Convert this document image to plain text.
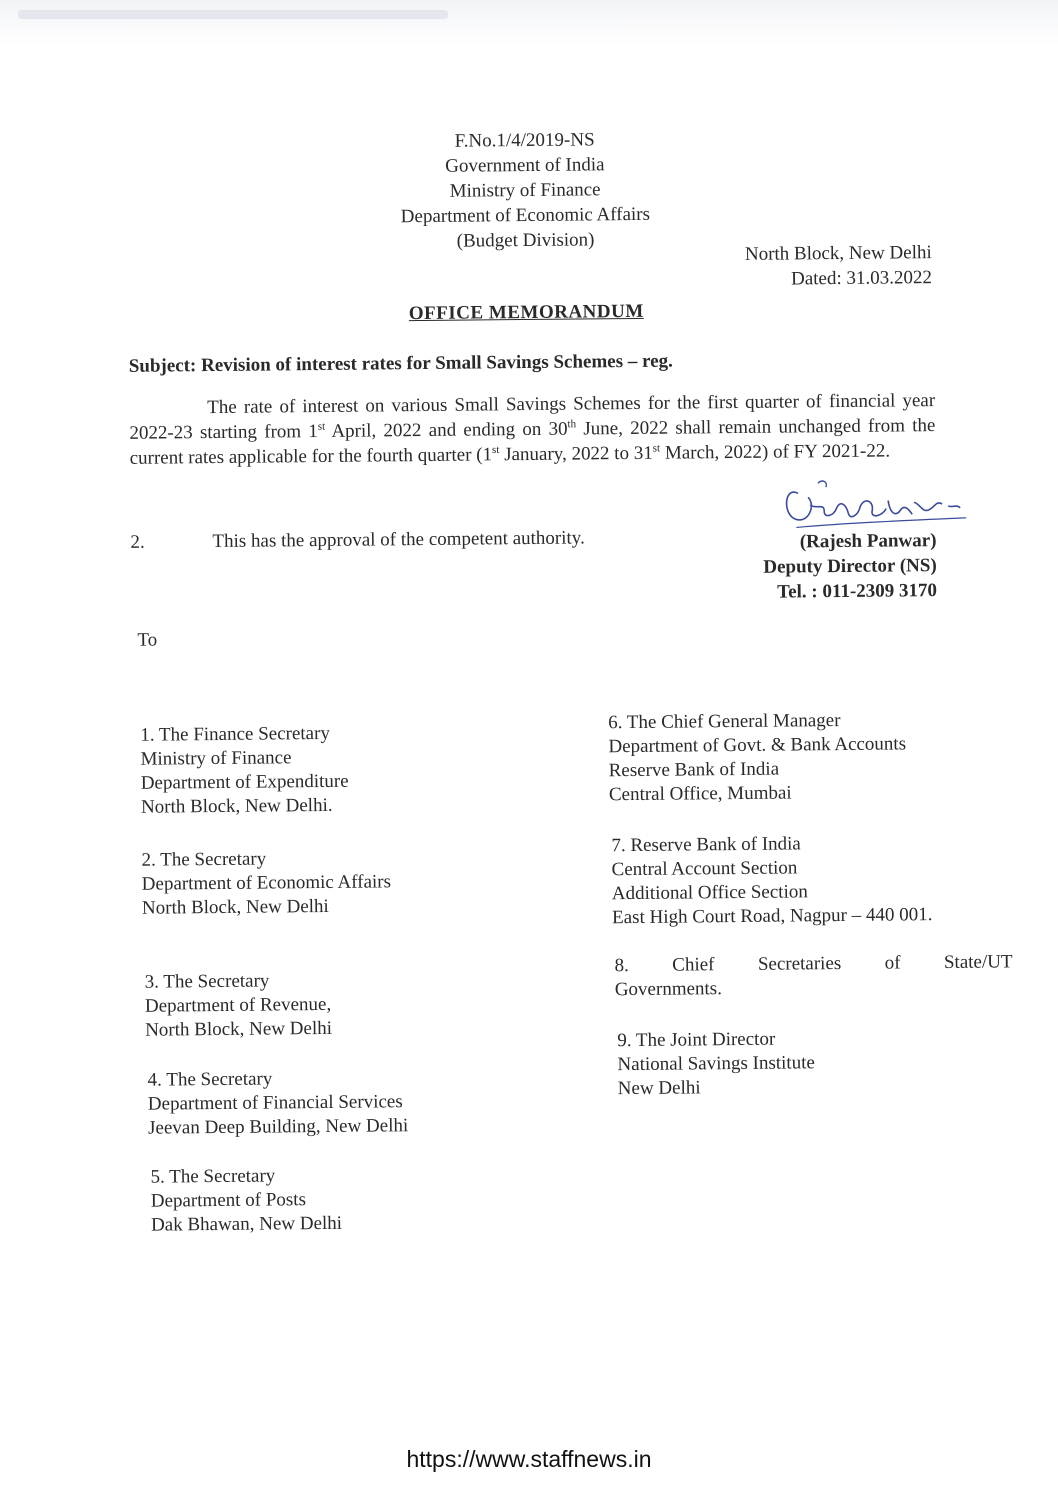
F.No.1/4/2019-NS
Government of India
Ministry of Finance
Department of Economic Affairs
(Budget Division)
North Block, New Delhi
Dated: 31.03.2022
OFFICE MEMORANDUM
Subject: Revision of interest rates for Small Savings Schemes – reg.
The rate of interest on various Small Savings Schemes for the first quarter of financial year 2022-23 starting from 1st April, 2022 and ending on 30th June, 2022 shall remain unchanged from the current rates applicable for the fourth quarter (1st January, 2022 to 31st March, 2022) of FY 2021-22.
2.	This has the approval of the competent authority.	(Rajesh Panwar)
Deputy Director (NS)
Tel. : 011-2309 3170
To
1. The Finance Secretary
Ministry of Finance
Department of Expenditure
North Block, New Delhi.
2. The Secretary
Department of Economic Affairs
North Block, New Delhi
3. The Secretary
Department of Revenue,
North Block, New Delhi
4. The Secretary
Department of Financial Services
Jeevan Deep Building, New Delhi
5. The Secretary
Department of Posts
Dak Bhawan, New Delhi
6. The Chief General Manager
Department of Govt. & Bank Accounts
Reserve Bank of India
Central Office, Mumbai
7. Reserve Bank of India
Central Account Section
Additional Office Section
East High Court Road, Nagpur – 440 001.
8. Chief Secretaries of State/UT
Governments.
9. The Joint Director
National Savings Institute
New Delhi
https://www.staffnews.in
